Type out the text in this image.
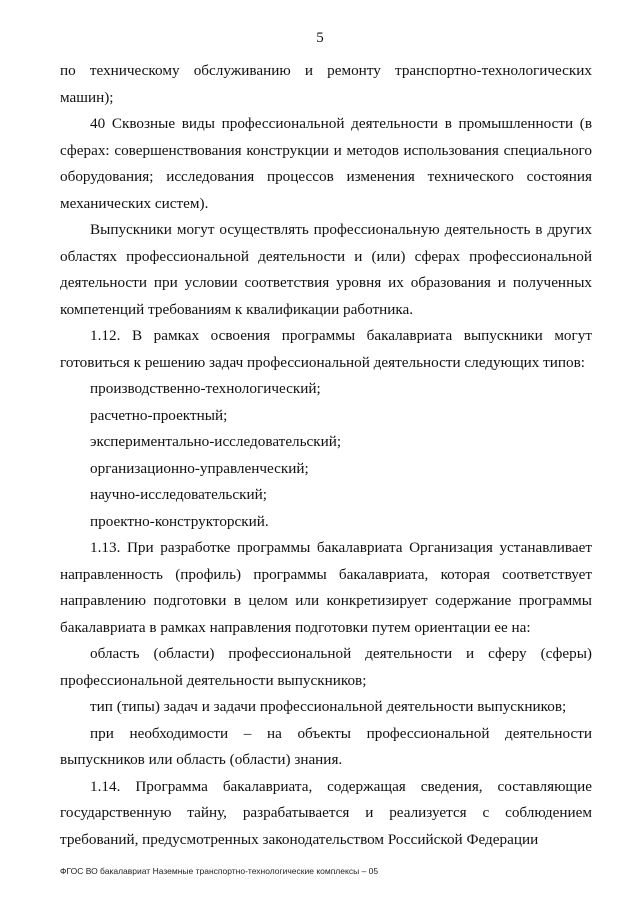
5

по техническому обслуживанию и ремонту транспортно-технологических машин);

40 Сквозные виды профессиональной деятельности в промышленности (в сферах: совершенствования конструкции и методов использования специального оборудования; исследования процессов изменения технического состояния механических систем).

Выпускники могут осуществлять профессиональную деятельность в других областях профессиональной деятельности и (или) сферах профессиональной деятельности при условии соответствия уровня их образования и полученных компетенций требованиям к квалификации работника.

1.12. В рамках освоения программы бакалавриата выпускники могут готовиться к решению задач профессиональной деятельности следующих типов:

производственно-технологический;

расчетно-проектный;

экспериментально-исследовательский;

организационно-управленческий;

научно-исследовательский;

проектно-конструкторский.

1.13. При разработке программы бакалавриата Организация устанавливает направленность (профиль) программы бакалавриата, которая соответствует направлению подготовки в целом или конкретизирует содержание программы бакалавриата в рамках направления подготовки путем ориентации ее на:

область (области) профессиональной деятельности и сферу (сферы) профессиональной деятельности выпускников;

тип (типы) задач и задачи профессиональной деятельности выпускников;

при необходимости – на объекты профессиональной деятельности выпускников или область (области) знания.

1.14. Программа бакалавриата, содержащая сведения, составляющие государственную тайну, разрабатывается и реализуется с соблюдением требований, предусмотренных законодательством Российской Федерации

ФГОС ВО бакалавриат Наземные транспортно-технологические комплексы – 05
